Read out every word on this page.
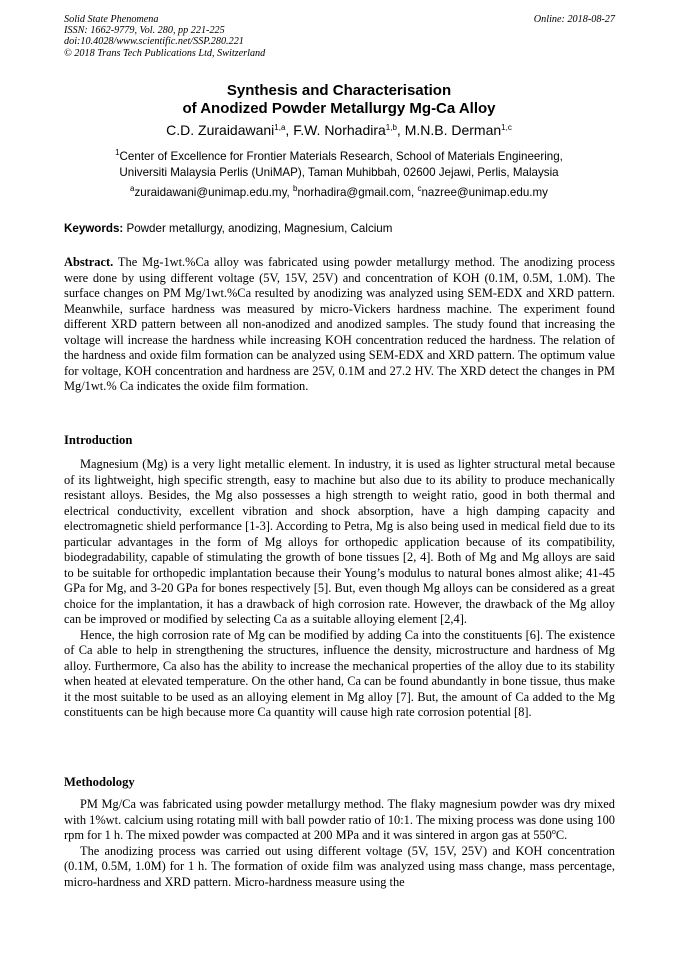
Solid State Phenomena
ISSN: 1662-9779, Vol. 280, pp 221-225
doi:10.4028/www.scientific.net/SSP.280.221
© 2018 Trans Tech Publications Ltd, Switzerland
Online: 2018-08-27
Synthesis and Characterisation
of Anodized Powder Metallurgy Mg-Ca Alloy
C.D. Zuraidawani$^{1,a}$, F.W. Norhadira$^{1,b}$, M.N.B. Derman$^{1,c}$
$^1$Center of Excellence for Frontier Materials Research, School of Materials Engineering,
Universiti Malaysia Perlis (UniMAP), Taman Muhibbah, 02600 Jejawi, Perlis, Malaysia
$^a$zuraidawani@unimap.edu.my, $^b$norhadira@gmail.com, $^c$nazree@unimap.edu.my
Keywords: Powder metallurgy, anodizing, Magnesium, Calcium
Abstract. The Mg-1wt.%Ca alloy was fabricated using powder metallurgy method. The anodizing process were done by using different voltage (5V, 15V, 25V) and concentration of KOH (0.1M, 0.5M, 1.0M). The surface changes on PM Mg/1wt.%Ca resulted by anodizing was analyzed using SEM-EDX and XRD pattern. Meanwhile, surface hardness was measured by micro-Vickers hardness machine. The experiment found different XRD pattern between all non-anodized and anodized samples. The study found that increasing the voltage will increase the hardness while increasing KOH concentration reduced the hardness. The relation of the hardness and oxide film formation can be analyzed using SEM-EDX and XRD pattern. The optimum value for voltage, KOH concentration and hardness are 25V, 0.1M and 27.2 HV. The XRD detect the changes in PM Mg/1wt.% Ca indicates the oxide film formation.
Introduction

Magnesium (Mg) is a very light metallic element. In industry, it is used as lighter structural metal because of its lightweight, high specific strength, easy to machine but also due to its ability to produce mechanically resistant alloys. Besides, the Mg also possesses a high strength to weight ratio, good in both thermal and electrical conductivity, excellent vibration and shock absorption, have a high damping capacity and electromagnetic shield performance [1-3]. According to Petra, Mg is also being used in medical field due to its particular advantages in the form of Mg alloys for orthopedic application because of its compatibility, biodegradability, capable of stimulating the growth of bone tissues [2, 4]. Both of Mg and Mg alloys are said to be suitable for orthopedic implantation because their Young’s modulus to natural bones almost alike; 41-45 GPa for Mg, and 3-20 GPa for bones respectively [5]. But, even though Mg alloys can be considered as a great choice for the implantation, it has a drawback of high corrosion rate. However, the drawback of the Mg alloy can be improved or modified by selecting Ca as a suitable alloying element [2,4].

Hence, the high corrosion rate of Mg can be modified by adding Ca into the constituents [6]. The existence of Ca able to help in strengthening the structures, influence the density, microstructure and hardness of Mg alloy. Furthermore, Ca also has the ability to increase the mechanical properties of the alloy due to its stability when heated at elevated temperature. On the other hand, Ca can be found abundantly in bone tissue, thus make it the most suitable to be used as an alloying element in Mg alloy [7]. But, the amount of Ca added to the Mg constituents can be high because more Ca quantity will cause high rate corrosion potential [8].

Methodology

PM Mg/Ca was fabricated using powder metallurgy method. The flaky magnesium powder was dry mixed with 1%wt. calcium using rotating mill with ball powder ratio of 10:1. The mixing process was done using 100 rpm for 1 h. The mixed powder was compacted at 200 MPa and it was sintered in argon gas at 550$^o$C.

The anodizing process was carried out using different voltage (5V, 15V, 25V) and KOH concentration (0.1M, 0.5M, 1.0M) for 1 h. The formation of oxide film was analyzed using mass change, mass percentage, micro-hardness and XRD pattern. Micro-hardness measure using the
